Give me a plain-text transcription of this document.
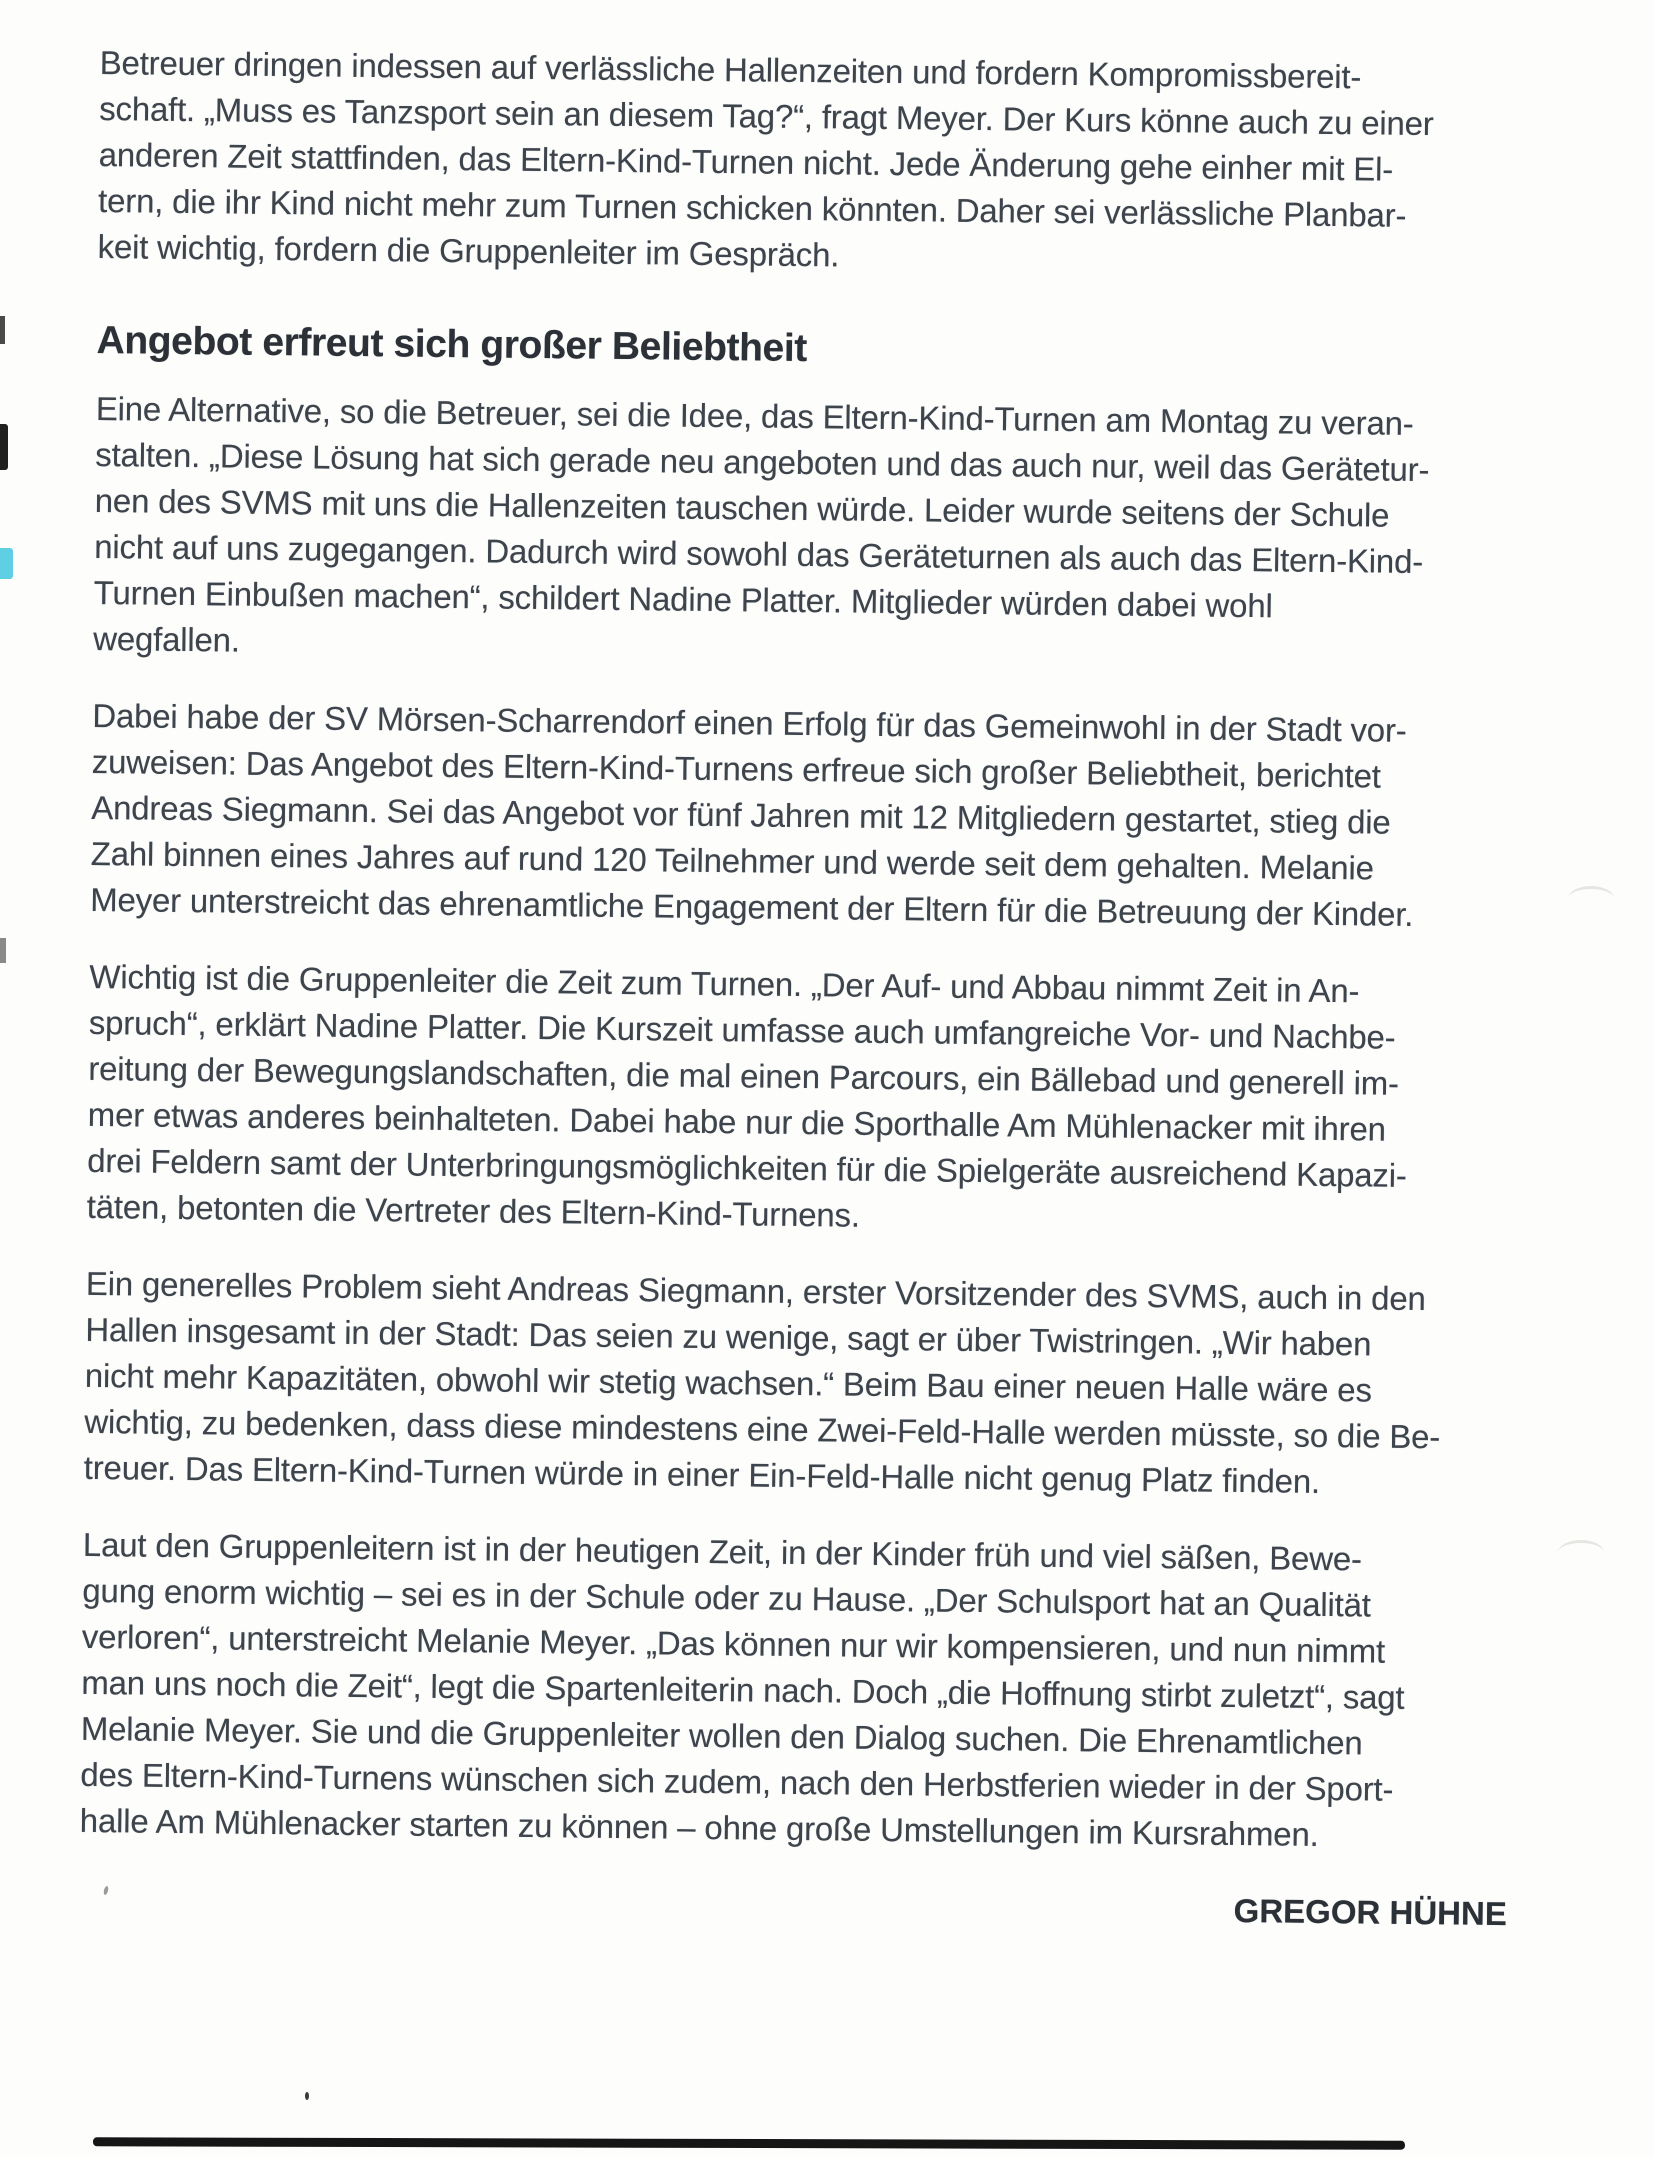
Betreuer dringen indessen auf verlässliche Hallenzeiten und fordern Kompromissbereit-
schaft. „Muss es Tanzsport sein an diesem Tag?“, fragt Meyer. Der Kurs könne auch zu einer
anderen Zeit stattfinden, das Eltern-Kind-Turnen nicht. Jede Änderung gehe einher mit El-
tern, die ihr Kind nicht mehr zum Turnen schicken könnten. Daher sei verlässliche Planbar-
keit wichtig, fordern die Gruppenleiter im Gespräch.
Angebot erfreut sich großer Beliebtheit
Eine Alternative, so die Betreuer, sei die Idee, das Eltern-Kind-Turnen am Montag zu veran-
stalten. „Diese Lösung hat sich gerade neu angeboten und das auch nur, weil das Gerätetur-
nen des SVMS mit uns die Hallenzeiten tauschen würde. Leider wurde seitens der Schule
nicht auf uns zugegangen. Dadurch wird sowohl das Geräteturnen als auch das Eltern-Kind-
Turnen Einbußen machen“, schildert Nadine Platter. Mitglieder würden dabei wohl
wegfallen.
Dabei habe der SV Mörsen-Scharrendorf einen Erfolg für das Gemeinwohl in der Stadt vor-
zuweisen: Das Angebot des Eltern-Kind-Turnens erfreue sich großer Beliebtheit, berichtet
Andreas Siegmann. Sei das Angebot vor fünf Jahren mit 12 Mitgliedern gestartet, stieg die
Zahl binnen eines Jahres auf rund 120 Teilnehmer und werde seit dem gehalten. Melanie
Meyer unterstreicht das ehrenamtliche Engagement der Eltern für die Betreuung der Kinder.
Wichtig ist die Gruppenleiter die Zeit zum Turnen. „Der Auf- und Abbau nimmt Zeit in An-
spruch“, erklärt Nadine Platter. Die Kurszeit umfasse auch umfangreiche Vor- und Nachbe-
reitung der Bewegungslandschaften, die mal einen Parcours, ein Bällebad und generell im-
mer etwas anderes beinhalteten. Dabei habe nur die Sporthalle Am Mühlenacker mit ihren
drei Feldern samt der Unterbringungsmöglichkeiten für die Spielgeräte ausreichend Kapazi-
täten, betonten die Vertreter des Eltern-Kind-Turnens.
Ein generelles Problem sieht Andreas Siegmann, erster Vorsitzender des SVMS, auch in den
Hallen insgesamt in der Stadt: Das seien zu wenige, sagt er über Twistringen. „Wir haben
nicht mehr Kapazitäten, obwohl wir stetig wachsen.“ Beim Bau einer neuen Halle wäre es
wichtig, zu bedenken, dass diese mindestens eine Zwei-Feld-Halle werden müsste, so die Be-
treuer. Das Eltern-Kind-Turnen würde in einer Ein-Feld-Halle nicht genug Platz finden.
Laut den Gruppenleitern ist in der heutigen Zeit, in der Kinder früh und viel säßen, Bewe-
gung enorm wichtig – sei es in der Schule oder zu Hause. „Der Schulsport hat an Qualität
verloren“, unterstreicht Melanie Meyer. „Das können nur wir kompensieren, und nun nimmt
man uns noch die Zeit“, legt die Spartenleiterin nach. Doch „die Hoffnung stirbt zuletzt“, sagt
Melanie Meyer. Sie und die Gruppenleiter wollen den Dialog suchen. Die Ehrenamtlichen
des Eltern-Kind-Turnens wünschen sich zudem, nach den Herbstferien wieder in der Sport-
halle Am Mühlenacker starten zu können – ohne große Umstellungen im Kursrahmen.
GREGOR HÜHNE
